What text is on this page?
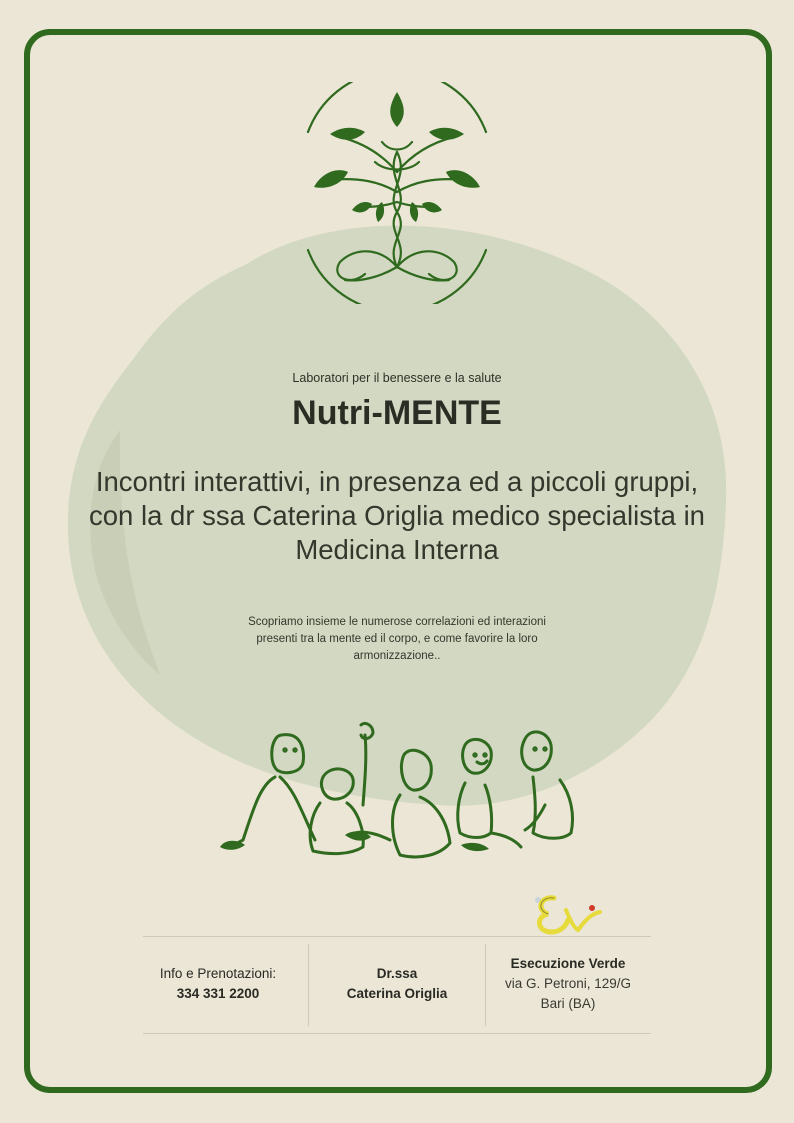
Laboratori per il benessere e la salute
Nutri-MENTE
Incontri interattivi, in presenza ed a piccoli gruppi, con la dr ssa Caterina Origlia medico specialista in Medicina Interna
Scopriamo insieme le numerose correlazioni ed interazioni presenti tra la mente ed il corpo, e come favorire la loro armonizzazione..
Info e Prenotazioni:
334 331 2200
Dr.ssa
Caterina Origlia
Esecuzione Verde
via G. Petroni, 129/G
Bari (BA)
